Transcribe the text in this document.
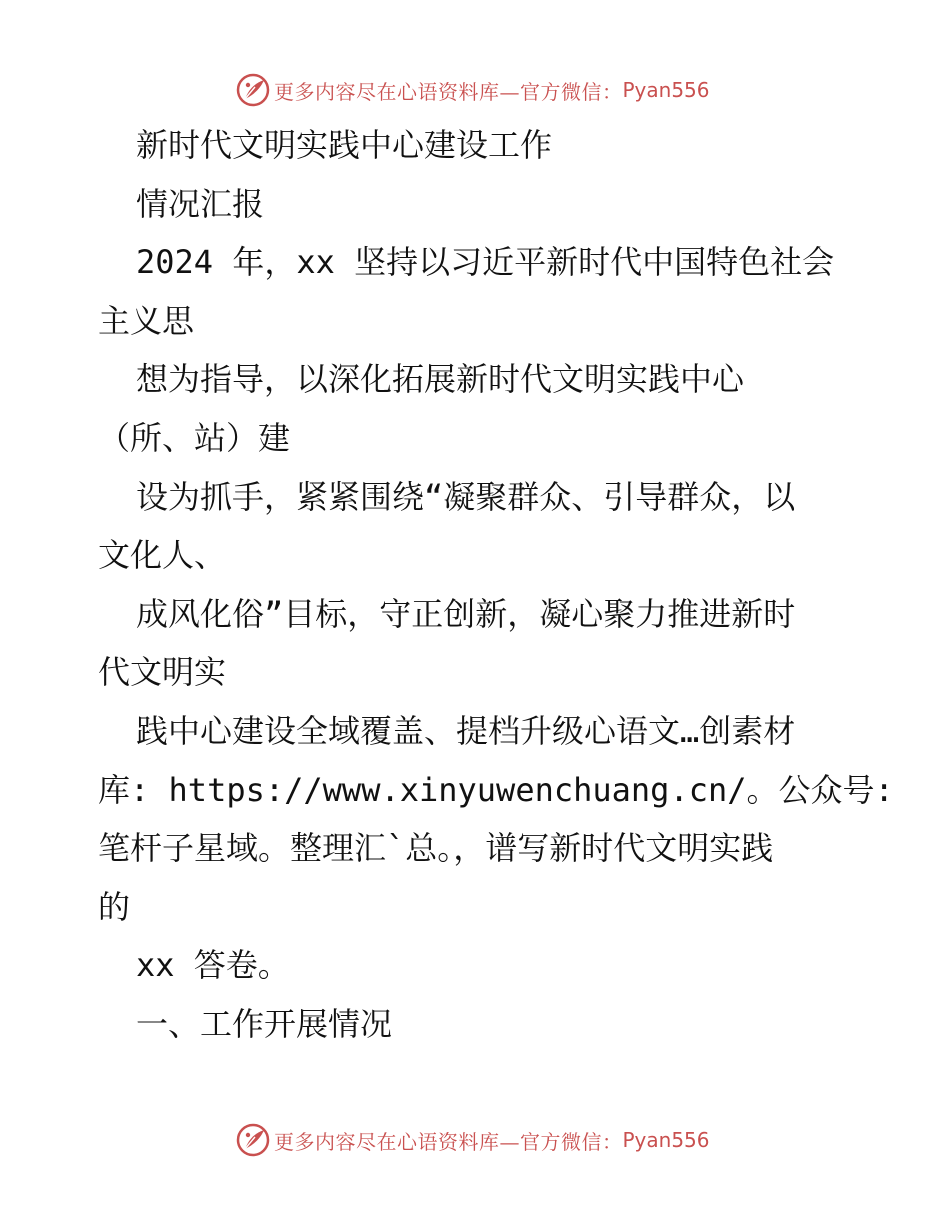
更多内容尽在心语资料库—官方微信： Pyan556
新时代文明实践中心建设工作
情况汇报
2024 年，xx 坚持以习近平新时代中国特色社会
主义思
想为指导，以深化拓展新时代文明实践中心
（所、站）建
设为抓手，紧紧围绕“凝聚群众、引导群众，以
文化人、
成风化俗”目标，守正创新，凝心聚力推进新时
代文明实
践中心建设全域覆盖、提档升级心语文…创素材
库: https://www.xinyuwenchuang.cn/。公众号:
笔杆子星域。整理汇`总。，谱写新时代文明实践
的
xx 答卷。
一、工作开展情况
更多内容尽在心语资料库—官方微信： Pyan556
